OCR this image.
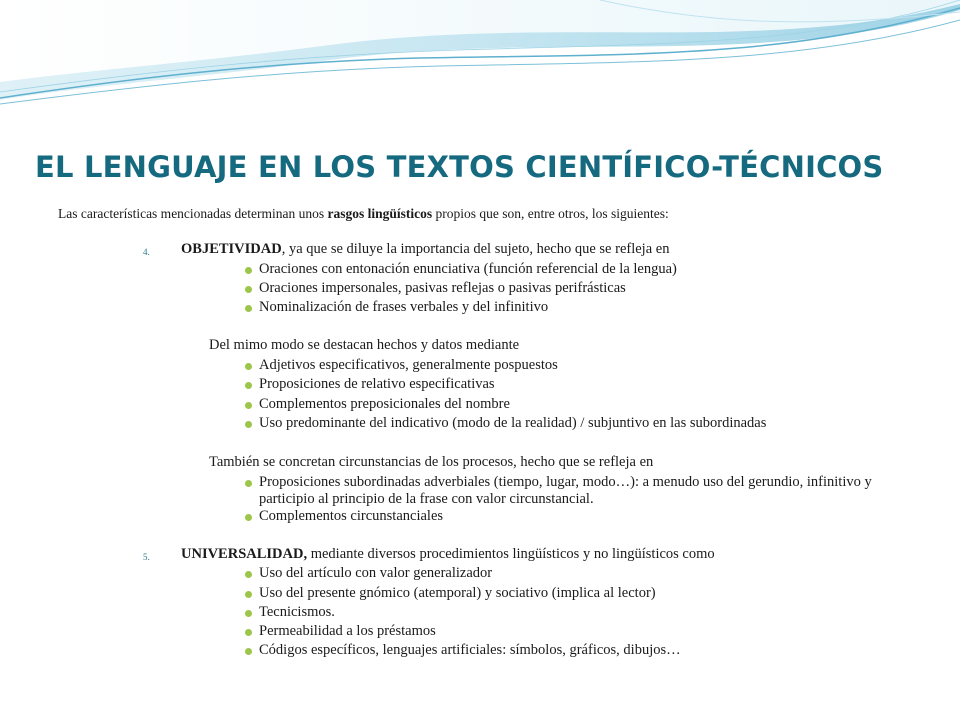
EL LENGUAJE EN LOS TEXTOS CIENTÍFICO-TÉCNICOS
Las características mencionadas determinan unos rasgos lingüísticos propios que son, entre otros, los siguientes:
4. OBJETIVIDAD, ya que se diluye la importancia del sujeto, hecho que se refleja en
Oraciones con entonación enunciativa (función referencial de la lengua)
Oraciones impersonales, pasivas reflejas o pasivas perifrásticas
Nominalización de frases verbales y del infinitivo
Del mimo modo se destacan hechos y datos mediante
Adjetivos especificativos, generalmente pospuestos
Proposiciones de relativo especificativas
Complementos preposicionales del nombre
Uso predominante del indicativo (modo de la realidad) / subjuntivo en las subordinadas
También se concretan circunstancias de los procesos, hecho que se refleja en
Proposiciones subordinadas adverbiales (tiempo, lugar, modo…): a menudo uso del gerundio, infinitivo y participio al principio de la frase con valor circunstancial.
Complementos circunstanciales
5. UNIVERSALIDAD, mediante diversos procedimientos lingüísticos y no lingüísticos como
Uso del artículo con valor generalizador
Uso del presente gnómico (atemporal) y sociativo (implica al lector)
Tecnicismos.
Permeabilidad a los préstamos
Códigos específicos, lenguajes artificiales: símbolos, gráficos, dibujos…
